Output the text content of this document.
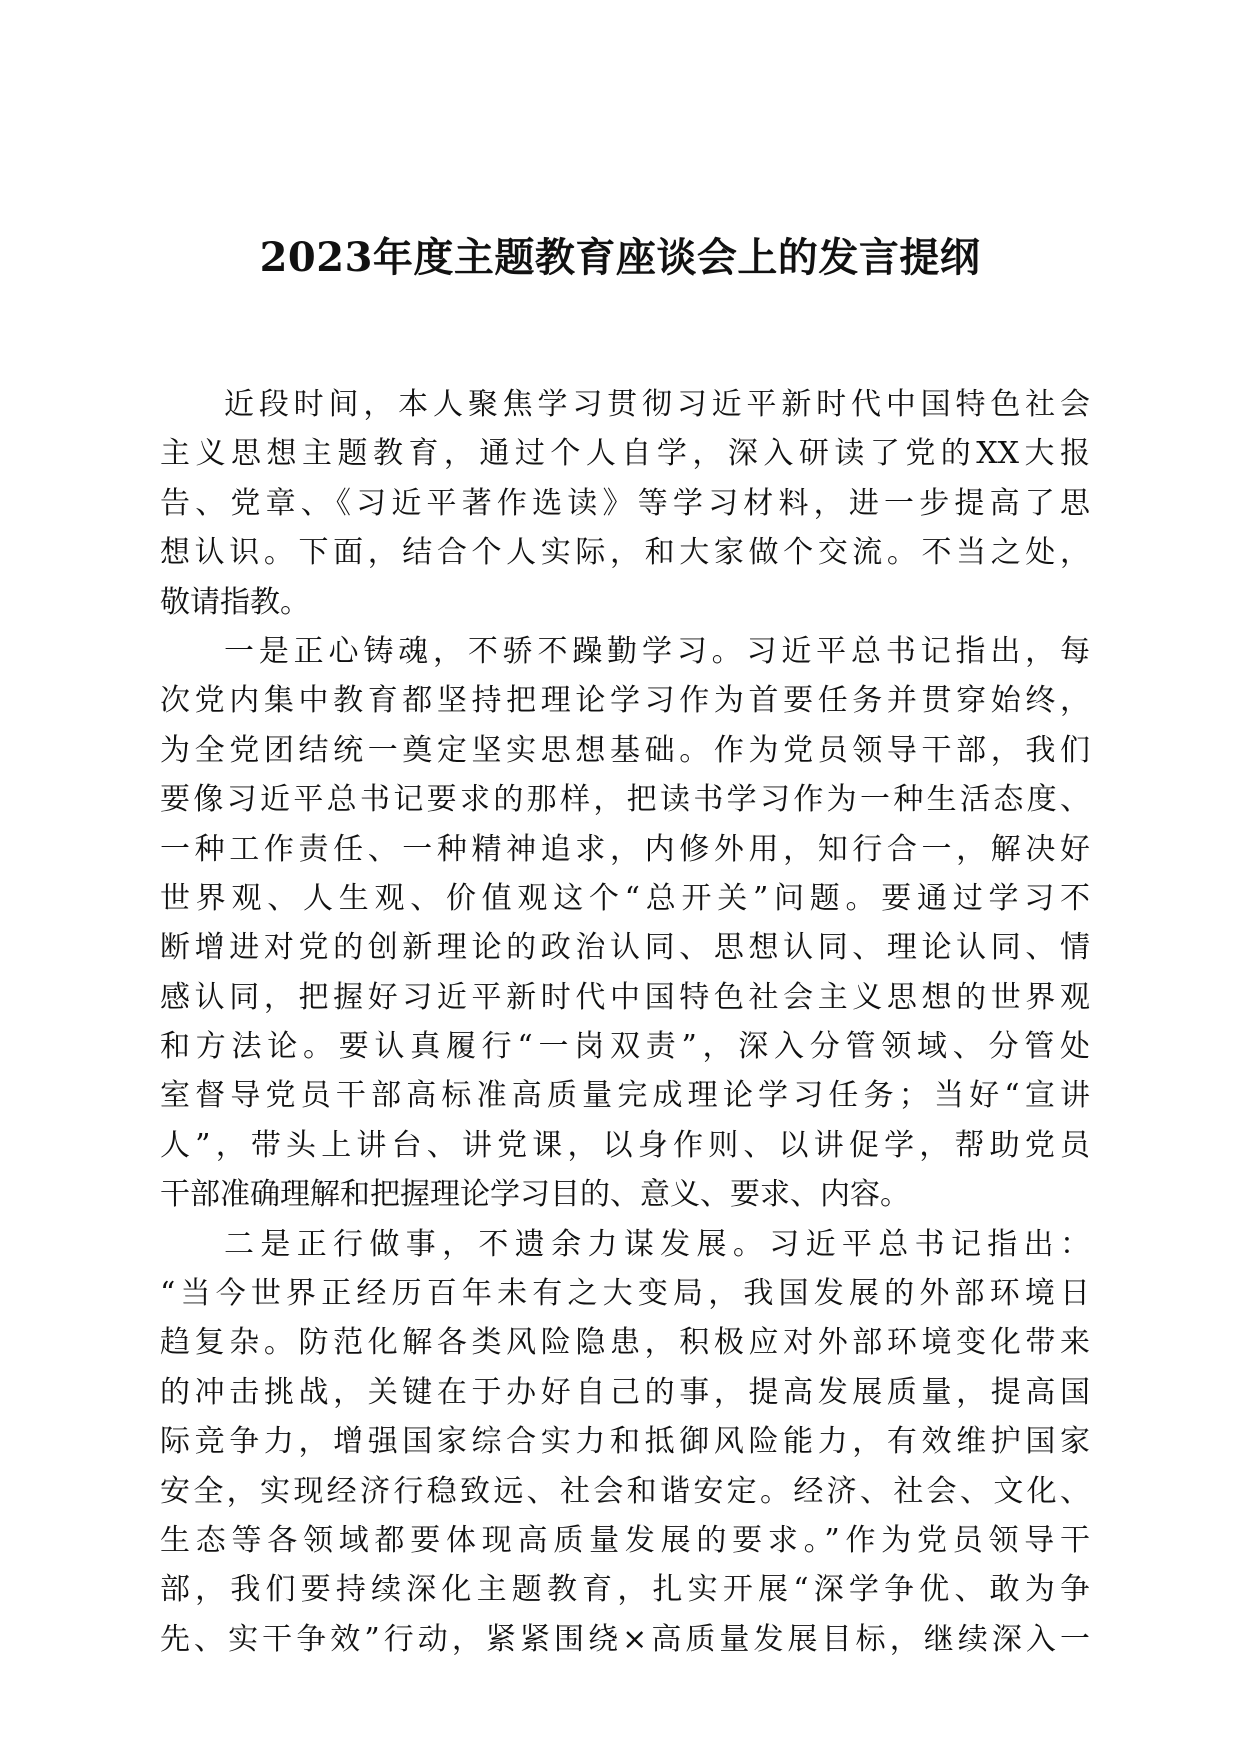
2023年度主题教育座谈会上的发言提纲
近段时间，本人聚焦学习贯彻习近平新时代中国特色社会
主义思想主题教育，通过个人自学，深入研读了党的XX大报
告、党章、《习近平著作选读》等学习材料，进一步提高了思
想认识。下面，结合个人实际，和大家做个交流。不当之处，
敬请指教。
一是正心铸魂，不骄不躁勤学习。习近平总书记指出，每
次党内集中教育都坚持把理论学习作为首要任务并贯穿始终，
为全党团结统一奠定坚实思想基础。作为党员领导干部，我们
要像习近平总书记要求的那样，把读书学习作为一种生活态度、
一种工作责任、一种精神追求，内修外用，知行合一，解决好
世界观、人生观、价值观这个“总开关”问题。要通过学习不
断增进对党的创新理论的政治认同、思想认同、理论认同、情
感认同，把握好习近平新时代中国特色社会主义思想的世界观
和方法论。要认真履行“一岗双责”，深入分管领域、分管处
室督导党员干部高标准高质量完成理论学习任务；当好“宣讲
人”，带头上讲台、讲党课，以身作则、以讲促学，帮助党员
干部准确理解和把握理论学习目的、意义、要求、内容。
二是正行做事，不遗余力谋发展。习近平总书记指出：
“当今世界正经历百年未有之大变局，我国发展的外部环境日
趋复杂。防范化解各类风险隐患，积极应对外部环境变化带来
的冲击挑战，关键在于办好自己的事，提高发展质量，提高国
际竞争力，增强国家综合实力和抵御风险能力，有效维护国家
安全，实现经济行稳致远、社会和谐安定。经济、社会、文化、
生态等各领域都要体现高质量发展的要求。”作为党员领导干
部，我们要持续深化主题教育，扎实开展“深学争优、敢为争
先、实干争效”行动，紧紧围绕×高质量发展目标，继续深入一
